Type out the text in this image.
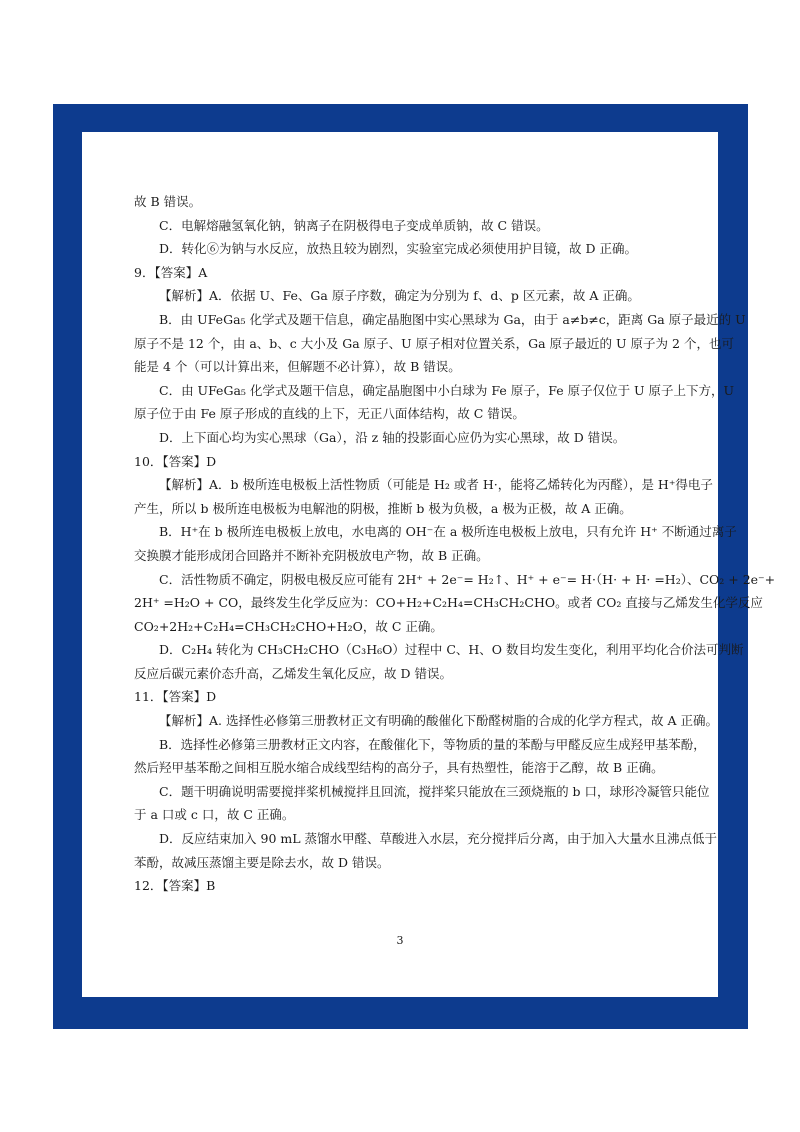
故 B 错误。
C．电解熔融氢氧化钠，钠离子在阴极得电子变成单质钠，故 C 错误。
D．转化⑥为钠与水反应，放热且较为剧烈，实验室完成必须使用护目镜，故 D 正确。
9．【答案】A
【解析】A．依据 U、Fe、Ga 原子序数，确定为分别为 f、d、p 区元素，故 A 正确。
B．由 UFeGa₅ 化学式及题干信息，确定晶胞图中实心黑球为 Ga，由于 a≠b≠c，距离 Ga 原子最近的 U
原子不是 12 个，由 a、b、c 大小及 Ga 原子、U 原子相对位置关系，Ga 原子最近的 U 原子为 2 个，也可
能是 4 个（可以计算出来，但解题不必计算），故 B 错误。
C．由 UFeGa₅ 化学式及题干信息，确定晶胞图中小白球为 Fe 原子，Fe 原子仅位于 U 原子上下方，U
原子位于由 Fe 原子形成的直线的上下，无正八面体结构，故 C 错误。
D．上下面心均为实心黑球（Ga），沿 z 轴的投影面心应仍为实心黑球，故 D 错误。
10．【答案】D
【解析】A．b 极所连电极板上活性物质（可能是 H₂ 或者 H·，能将乙烯转化为丙醛），是 H⁺得电子
产生，所以 b 极所连电极板为电解池的阴极，推断 b 极为负极，a 极为正极，故 A 正确。
B．H⁺在 b 极所连电极板上放电，水电离的 OH⁻在 a 极所连电极板上放电，只有允许 H⁺ 不断通过离子
交换膜才能形成闭合回路并不断补充阴极放电产物，故 B 正确。
C．活性物质不确定，阴极电极反应可能有 2H⁺ + 2e⁻= H₂↑、H⁺ + e⁻= H·（H· + H· =H₂）、CO₂ + 2e⁻+
2H⁺ =H₂O + CO，最终发生化学反应为：CO+H₂+C₂H₄=CH₃CH₂CHO。或者 CO₂ 直接与乙烯发生化学反应
CO₂+2H₂+C₂H₄=CH₃CH₂CHO+H₂O，故 C 正确。
D．C₂H₄ 转化为 CH₃CH₂CHO（C₃H₆O）过程中 C、H、O 数目均发生变化，利用平均化合价法可判断
反应后碳元素价态升高，乙烯发生氧化反应，故 D 错误。
11．【答案】D
【解析】A. 选择性必修第三册教材正文有明确的酸催化下酚醛树脂的合成的化学方程式，故 A 正确。
B．选择性必修第三册教材正文内容，在酸催化下，等物质的量的苯酚与甲醛反应生成羟甲基苯酚，
然后羟甲基苯酚之间相互脱水缩合成线型结构的高分子，具有热塑性，能溶于乙醇，故 B 正确。
C．题干明确说明需要搅拌桨机械搅拌且回流，搅拌桨只能放在三颈烧瓶的 b 口，球形冷凝管只能位
于 a 口或 c 口，故 C 正确。
D．反应结束加入 90 mL 蒸馏水甲醛、草酸进入水层，充分搅拌后分离，由于加入大量水且沸点低于
苯酚，故减压蒸馏主要是除去水，故 D 错误。
12．【答案】B
3
